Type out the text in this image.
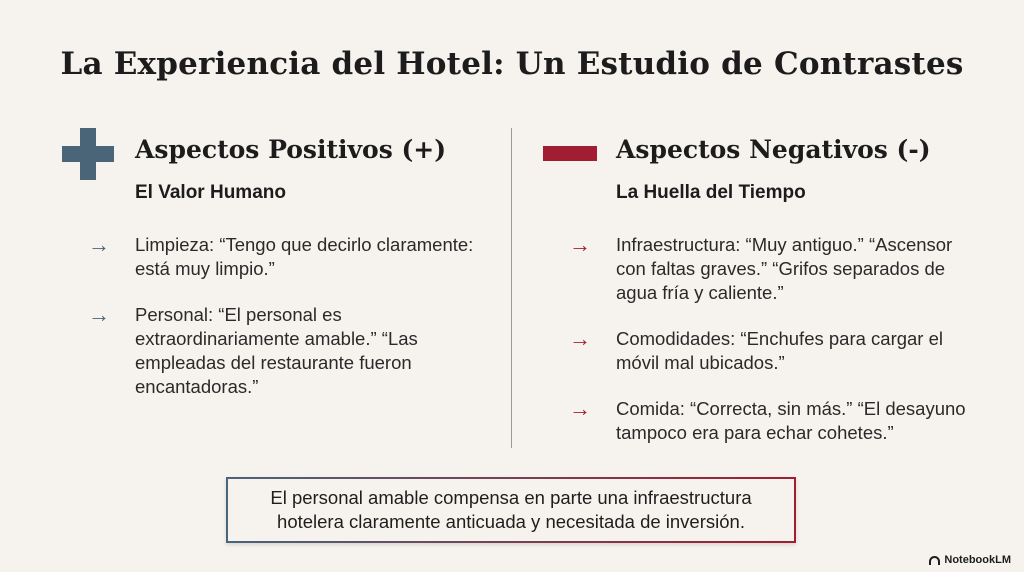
La Experiencia del Hotel: Un Estudio de Contrastes
Aspectos Positivos (+)
El Valor Humano
→ Limpieza: “Tengo que decirlo claramente: está muy limpio.”
→ Personal: “El personal es extraordinariamente amable.” “Las empleadas del restaurante fueron encantadoras.”
Aspectos Negativos (-)
La Huella del Tiempo
→ Infraestructura: “Muy antiguo.” “Ascensor con faltas graves.” “Grifos separados de agua fría y caliente.”
→ Comodidades: “Enchufes para cargar el móvil mal ubicados.”
→ Comida: “Correcta, sin más.” “El desayuno tampoco era para echar cohetes.”
El personal amable compensa en parte una infraestructura hotelera claramente anticuada y necesitada de inversión.
NotebookLM
